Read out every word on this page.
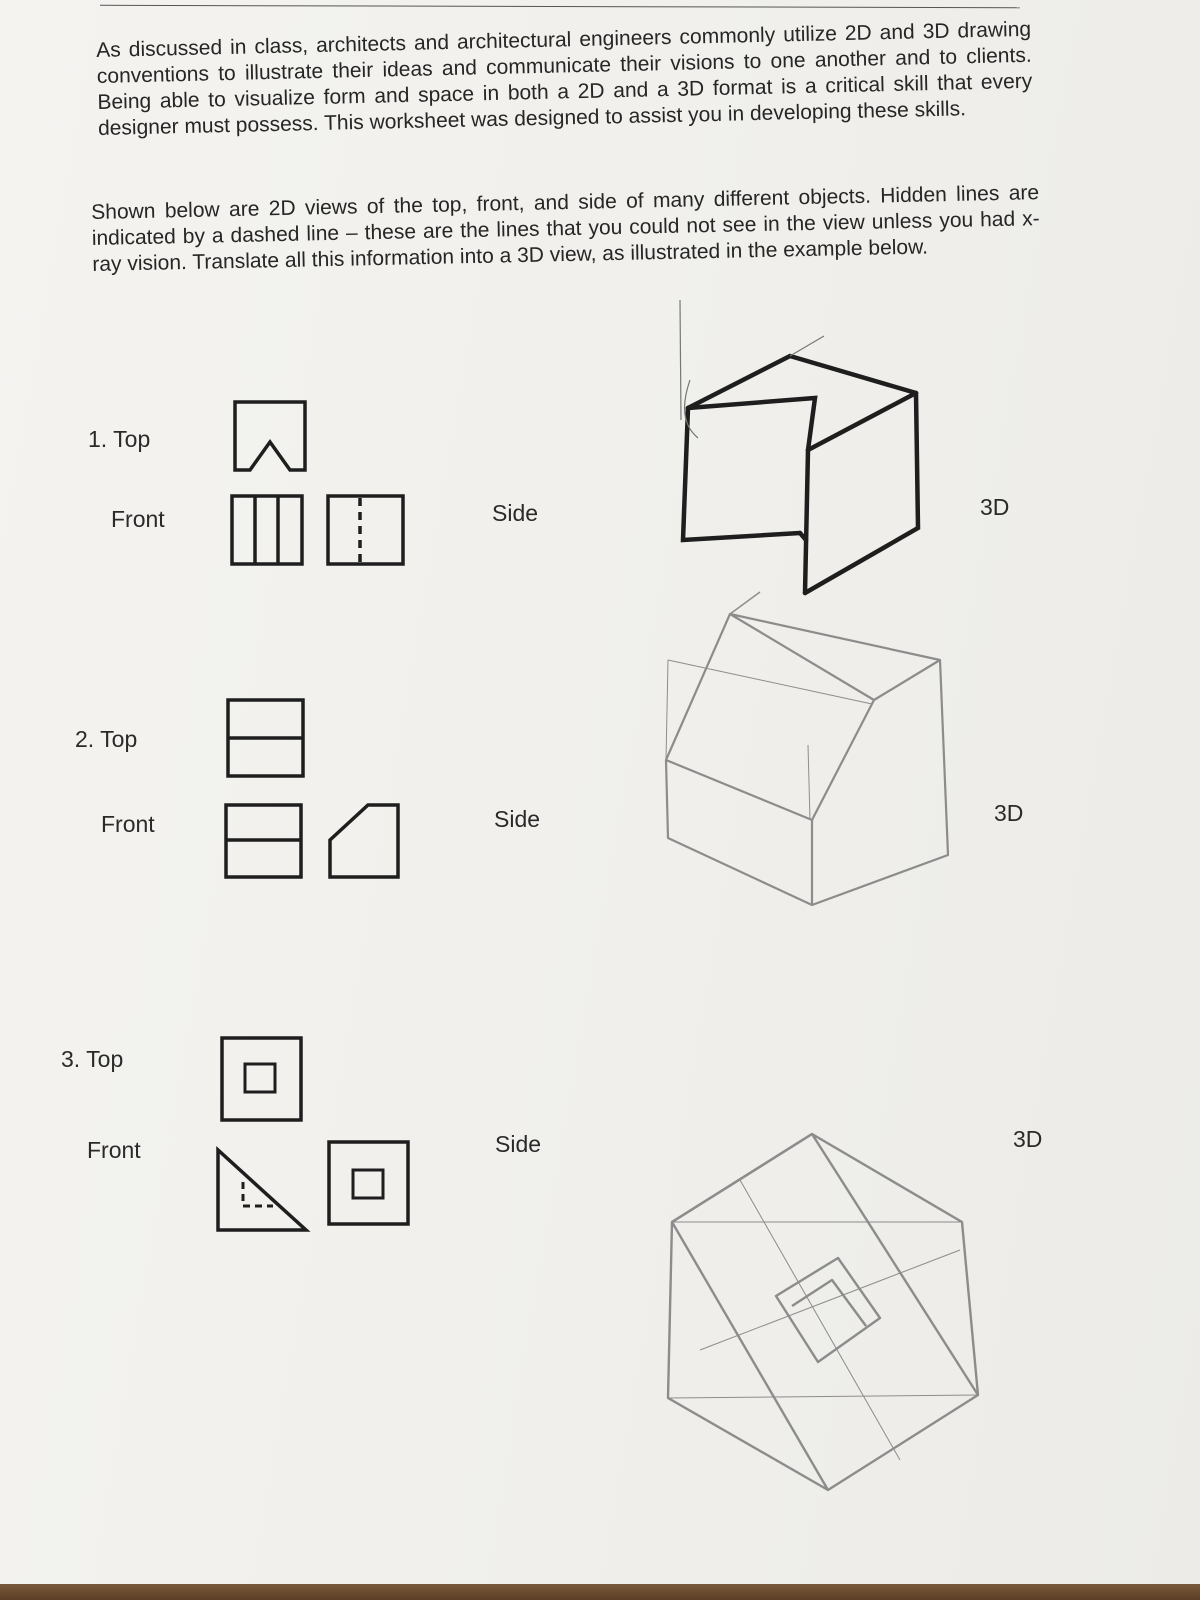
As discussed in class, architects and architectural engineers commonly utilize 2D and 3D drawing conventions to illustrate their ideas and communicate their visions to one another and to clients. Being able to visualize form and space in both a 2D and a 3D format is a critical skill that every designer must possess. This worksheet was designed to assist you in developing these skills.

Shown below are 2D views of the top, front, and side of many different objects. Hidden lines are indicated by a dashed line – these are the lines that you could not see in the view unless you had x-ray vision. Translate all this information into a 3D view, as illustrated in the example below.

1. Top
Front	Side	3D
2. Top
Front	Side	3D
3. Top
Front	Side	3D
